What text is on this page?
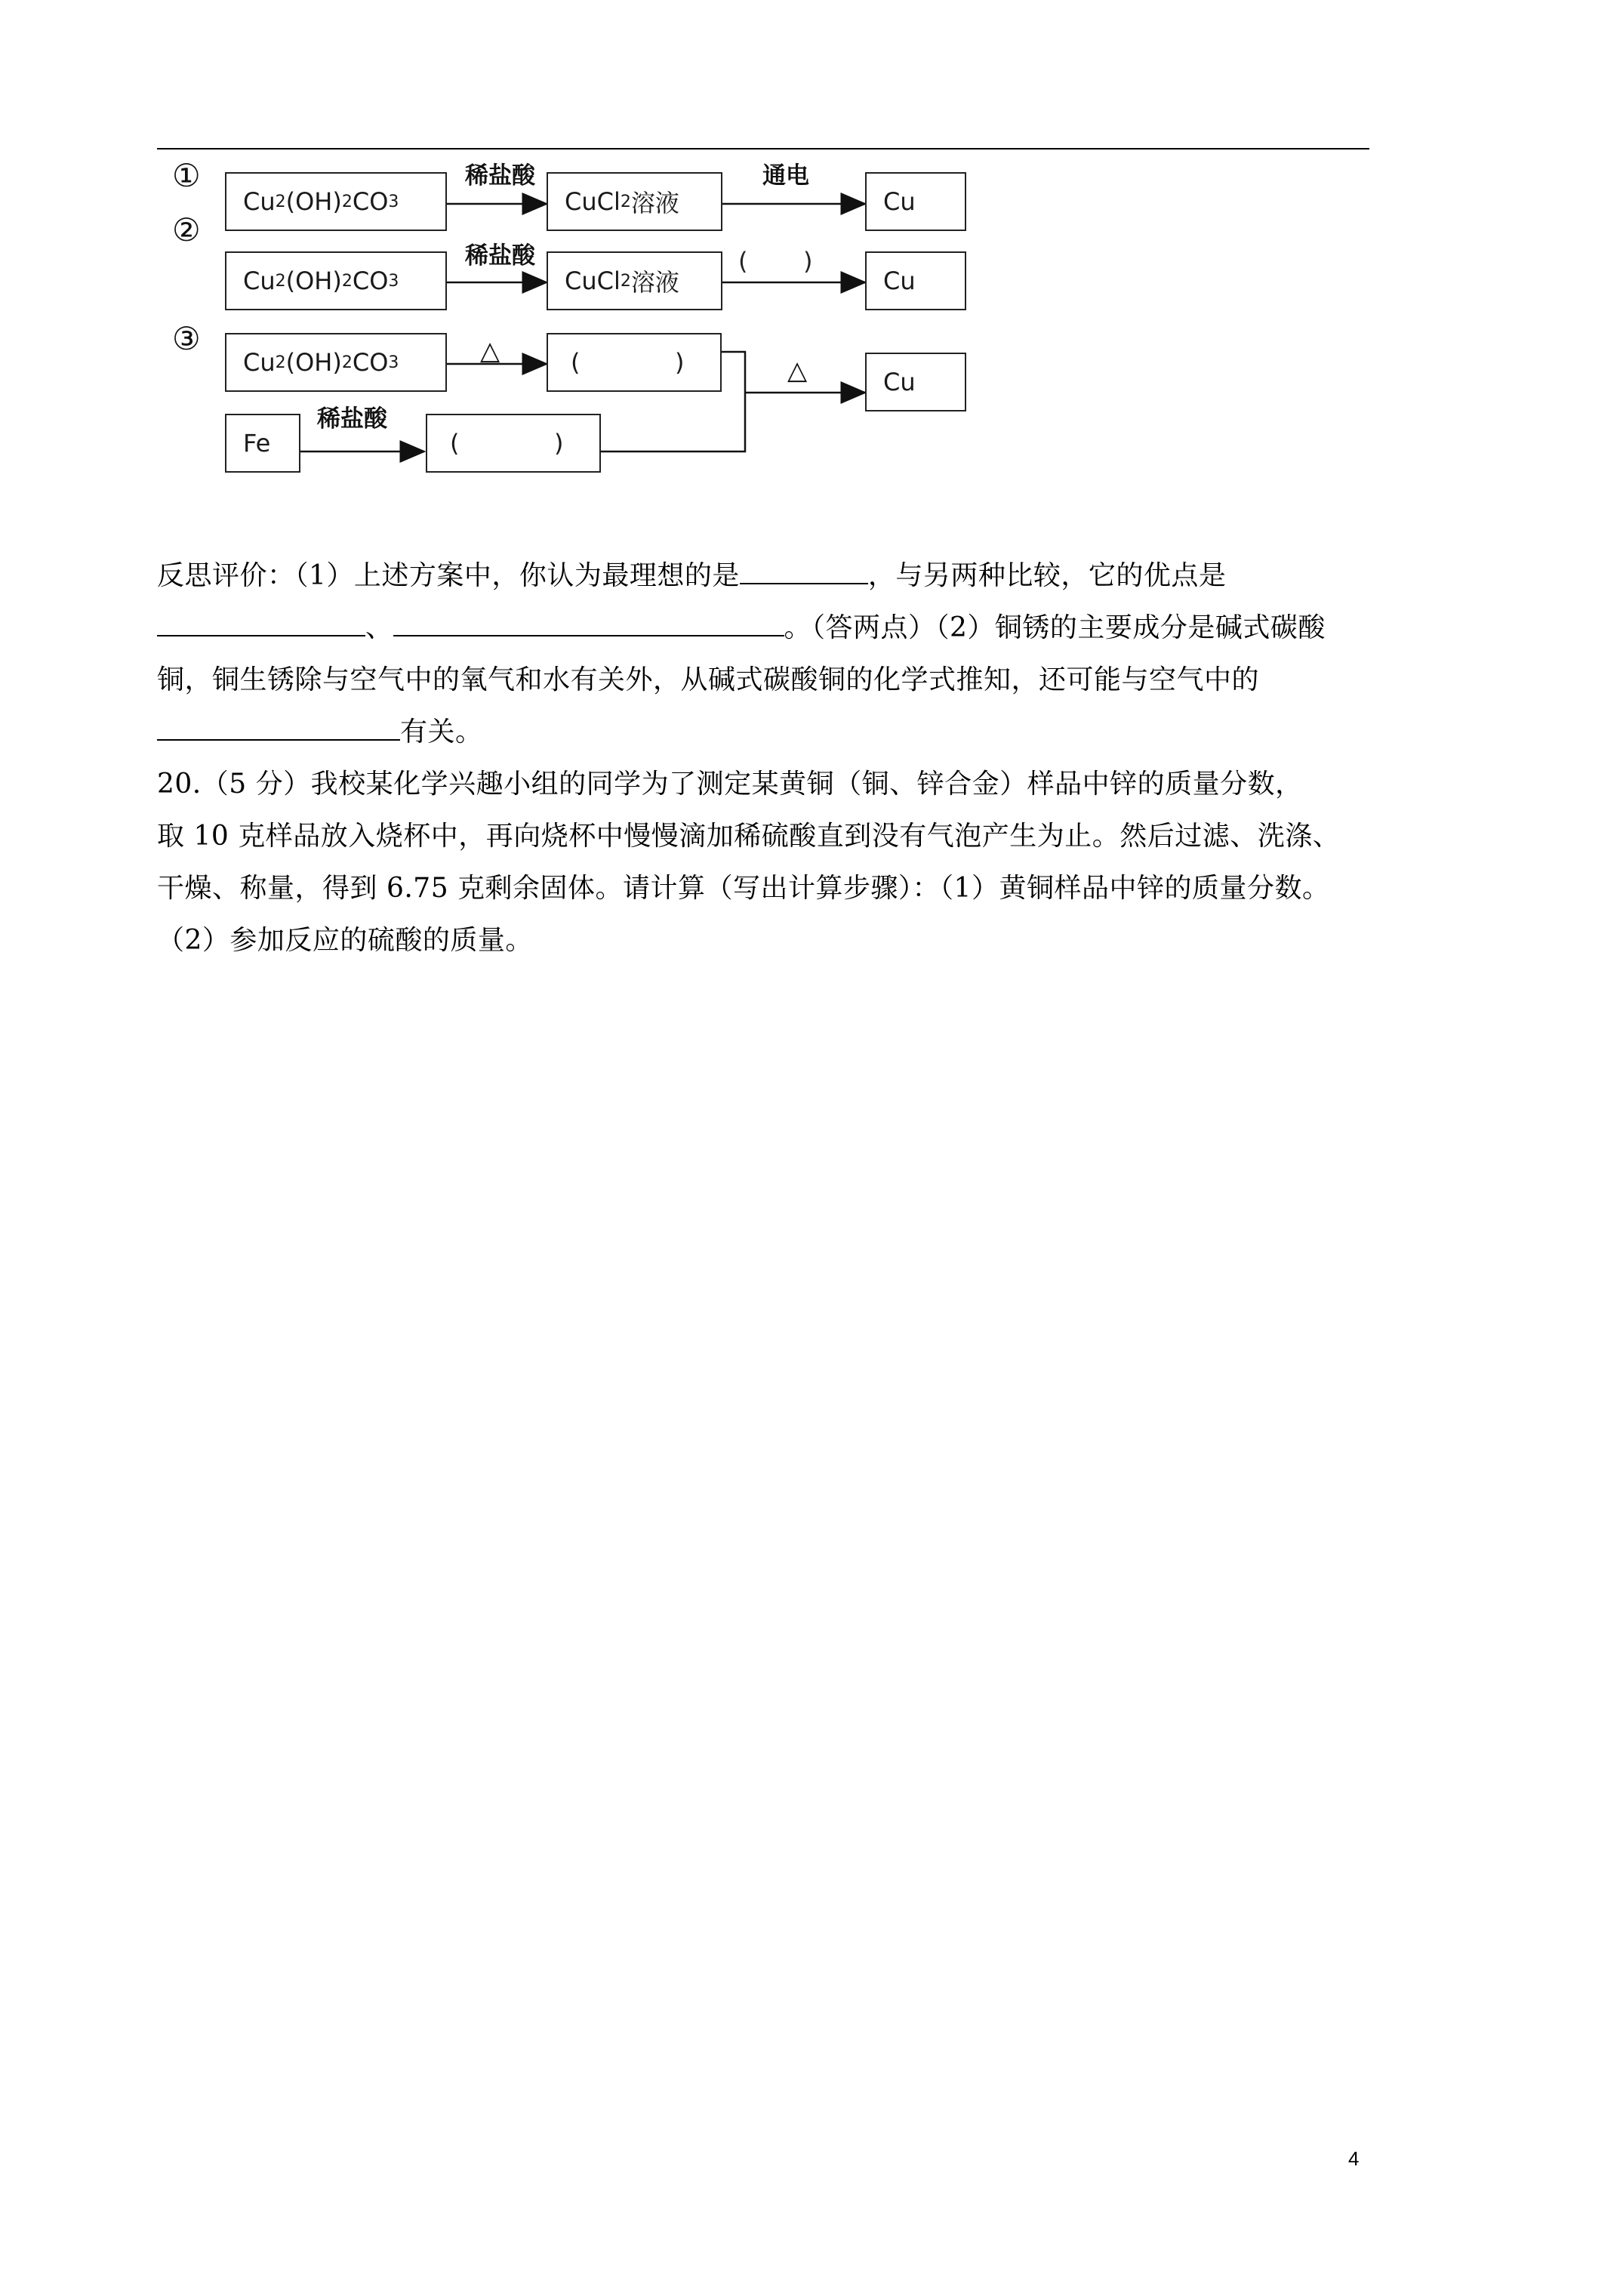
①
②
③
Cu 2 (OH) 2 CO 3
稀盐酸
CuCl 2 溶液
通电
Cu
Cu 2 (OH) 2 CO 3
稀盐酸
CuCl 2 溶液
( )
Cu
Cu 2 (OH) 2 CO 3	△	(	)	△	Cu
Fe
稀盐酸
(	)
反思评价：（1）上述方案中，你认为最理想的是	，与另两种比较，它的优点是
、	。（答两点）（2）铜锈的主要成分是碱式碳酸
铜，铜生锈除与空气中的氧气和水有关外，从碱式碳酸铜的化学式推知，还可能与空气中的
有关。
20.（5 分）我校某化学兴趣小组的同学为了测定某黄铜（铜、锌合金）样品中锌的质量分数，
取 10 克样品放入烧杯中，再向烧杯中慢慢滴加稀硫酸直到没有气泡产生为止。然后过滤、洗涤、
干燥、称量，得到 6.75 克剩余固体。请计算（写出计算步骤）：（1）黄铜样品中锌的质量分数。
（2）参加反应的硫酸的质量。
4
